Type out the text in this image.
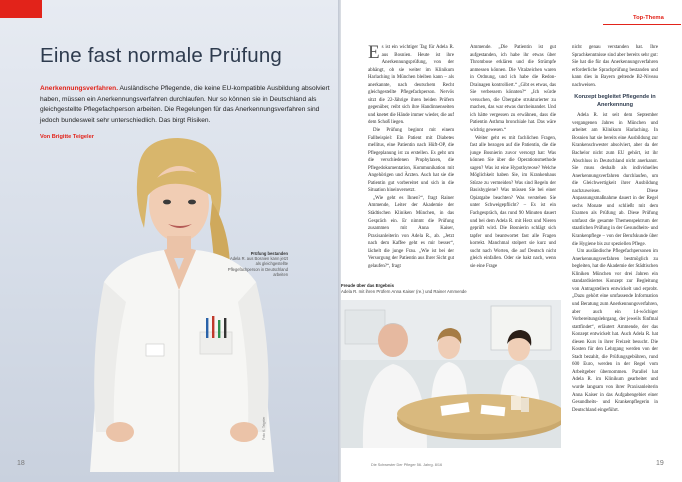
Eine fast normale Prüfung

Anerkennungsverfahren. Ausländische Pflegende, die keine EU-kompatible Ausbildung absolviert haben, müssen ein Anerkennungsverfahren durchlaufen. Nur so können sie in Deutschland als gleichgestellte Pflegefachperson arbeiten. Die Regelungen für das Anerkennungsverfahren sind jedoch bundesweit sehr unterschiedlich. Das birgt Risiken.

Von Brigitte Teigeler
Prüfung bestanden
Adela R. aus Bosnien kann jetzt als gleichgestellte Pflegefachperson in Deutschland arbeiten
Foto: K. Teigeler
18
Top-Thema

Es ist ein wichtiger Tag für Adela R. aus Bosnien. Heute ist ihre Anerkennungsprüfung, von der abhängt, ob sie weiter im Klinikum Harlaching in München bleiben kann – als anerkannte, nach deutschem Recht gleichgestellte Pflegefachperson. Nervös sitzt die 22-Jährige ihren beiden Prüfern gegenüber, reibt sich ihre Handinnenseiten und knetet die Hände immer wieder, die auf dem Schoß liegen.

Die Prüfung beginnt mit einem Fallbeispiel: Ein Patient mit Diabetes mellitus, eine Patientin nach Hüft-OP, die Pflegeplanung ist zu erstellen. Es geht um die verschiedenen Prophylaxen, die Pflegedokumentation, Kommunikation mit Angehörigen und Ärzten. Auch hat sie die Patientin gut vorbereitet und sich in die Situation hineinversetzt.

„Wie geht es Ihnen?“, fragt Rainer Ammende, Leiter der Akademie der Städtischen Kliniken München, in das Gespräch ein. Er nimmt die Prüfung zusammen mit Anna Kaiser, Praxisanleiterin von Adela R., ab. „Jetzt nach dem Kaffee geht es mir besser“, lächelt die junge Frau. „Wie ist bei der Versorgung der Patientin aus Ihrer Sicht gut gelaufen?“, fragt

Ammende. „Die Patientin ist gut aufgestanden, ich habe ihr etwas über Thrombose erklären und die Strümpfe anmessen können. Die Vitalzeichen waren in Ordnung, und ich habe die Redon-Drainagen kontrolliert.“ „Gibt es etwas, das Sie verbessern könnten?“ „Ich würde versuchen, die Übergabe strukturierter zu machen, das war etwas durcheinander. Und ich hätte vergessen zu erwähnen, dass die Patientin Asthma bronchiale hat. Das wäre wichtig gewesen.“

Weiter geht es mit fachlichen Fragen, fast alle bezogen auf die Patientin, die die junge Bosnierin zuvor versorgt hat: Was können Sie über die Operationsmethode sagen? Was ist eine Hypothyreose? Welche Möglichkeit haben Sie, im Krankenhaus Stürze zu vermeiden? Was sind Regeln der Basishygiene? Was müssen Sie bei einer Opiatgabe beachten? Was verstehen Sie unter Schweigepflicht? – Es ist ein Fachgespräch, das rund 90 Minuten dauert und bei dem Adela R. mit Herz und Nieren geprüft wird. Die Bosnierin schlägt sich tapfer und beantwortet fast alle Fragen korrekt. Manchmal stolpert sie kurz und sucht nach Worten, die auf Deutsch nicht gleich einfallen. Oder sie hakt nach, wenn sie eine Frage

nicht genau verstanden hat. Ihre Sprachkenntnisse sind aber bereits sehr gut: Sie hat die für das Anerkennungsverfahren erforderliche Sprachprüfung bestanden und kann dies in Bayern geltende B2-Niveau nachweisen.

Konzept begleitet Pflegende in Anerkennung

Adela R. ist seit dem September vergangenen Jahres in München und arbeitet am Klinikum Harlaching. In Bosnien hat sie bereits eine Ausbildung zur Krankenschwester absolviert, aber da der Bachelor nicht zum EU gehört, ist ihr Abschluss in Deutschland nicht anerkannt. Sie muss deshalb als individuelles Anerkennungsverfahren durchlaufen, um die Gleichwertigkeit ihrer Ausbildung nachzuweisen. Diese Anpassungsmaßnahme dauert in der Regel sechs Monate und schließt mit dem Examen als Prüfung ab. Diese Prüfung umfasst die gesamte Themenspektrum der staatlichen Prüfung in der Gesundheits- und Krankenpflege – von der Berufskunde über die Hygiene bis zur speziellen Pflege.

Um ausländische Pflegefachpersonen im Anerkennungsverfahren bestmöglich zu begleiten, hat die Akademie der Städtischen Kliniken München vor drei Jahren ein standardisiertes Konzept zur Begleitung von Antragstellern entwickelt und erprobt. „Dazu gehört eine umfassende Information und Beratung zum Anerkennungsverfahren, aber auch ein 14-wöchiger Vorbereitungslehrgang, der jeweils fünfmal stattfindet“, erläutert Ammende, der das Konzept entwickelt hat. Auch Adela R. hat diesen Kurs in ihrer Freizeit besucht. Die Kosten für den Lehrgang werden von der Stadt bezahlt, die Prüfungsgebühren, rund 600 Euro, werden in der Regel vom Arbeitgeber übernommen. Parallel hat Adela R. im Klinikum gearbeitet und wurde langsam von ihrer Praxisanleiterin Anna Kaiser in das Aufgabengebiet einer Gesundheits- und Krankenpflegerin in Deutschland eingeführt.

Freude über das Ergebnis
Adela R. mit ihren Prüfern Anna Kaiser (re.) und Rainer Ammende
Die Schwester Der Pfleger 56. Jahrg. 8/16	19
